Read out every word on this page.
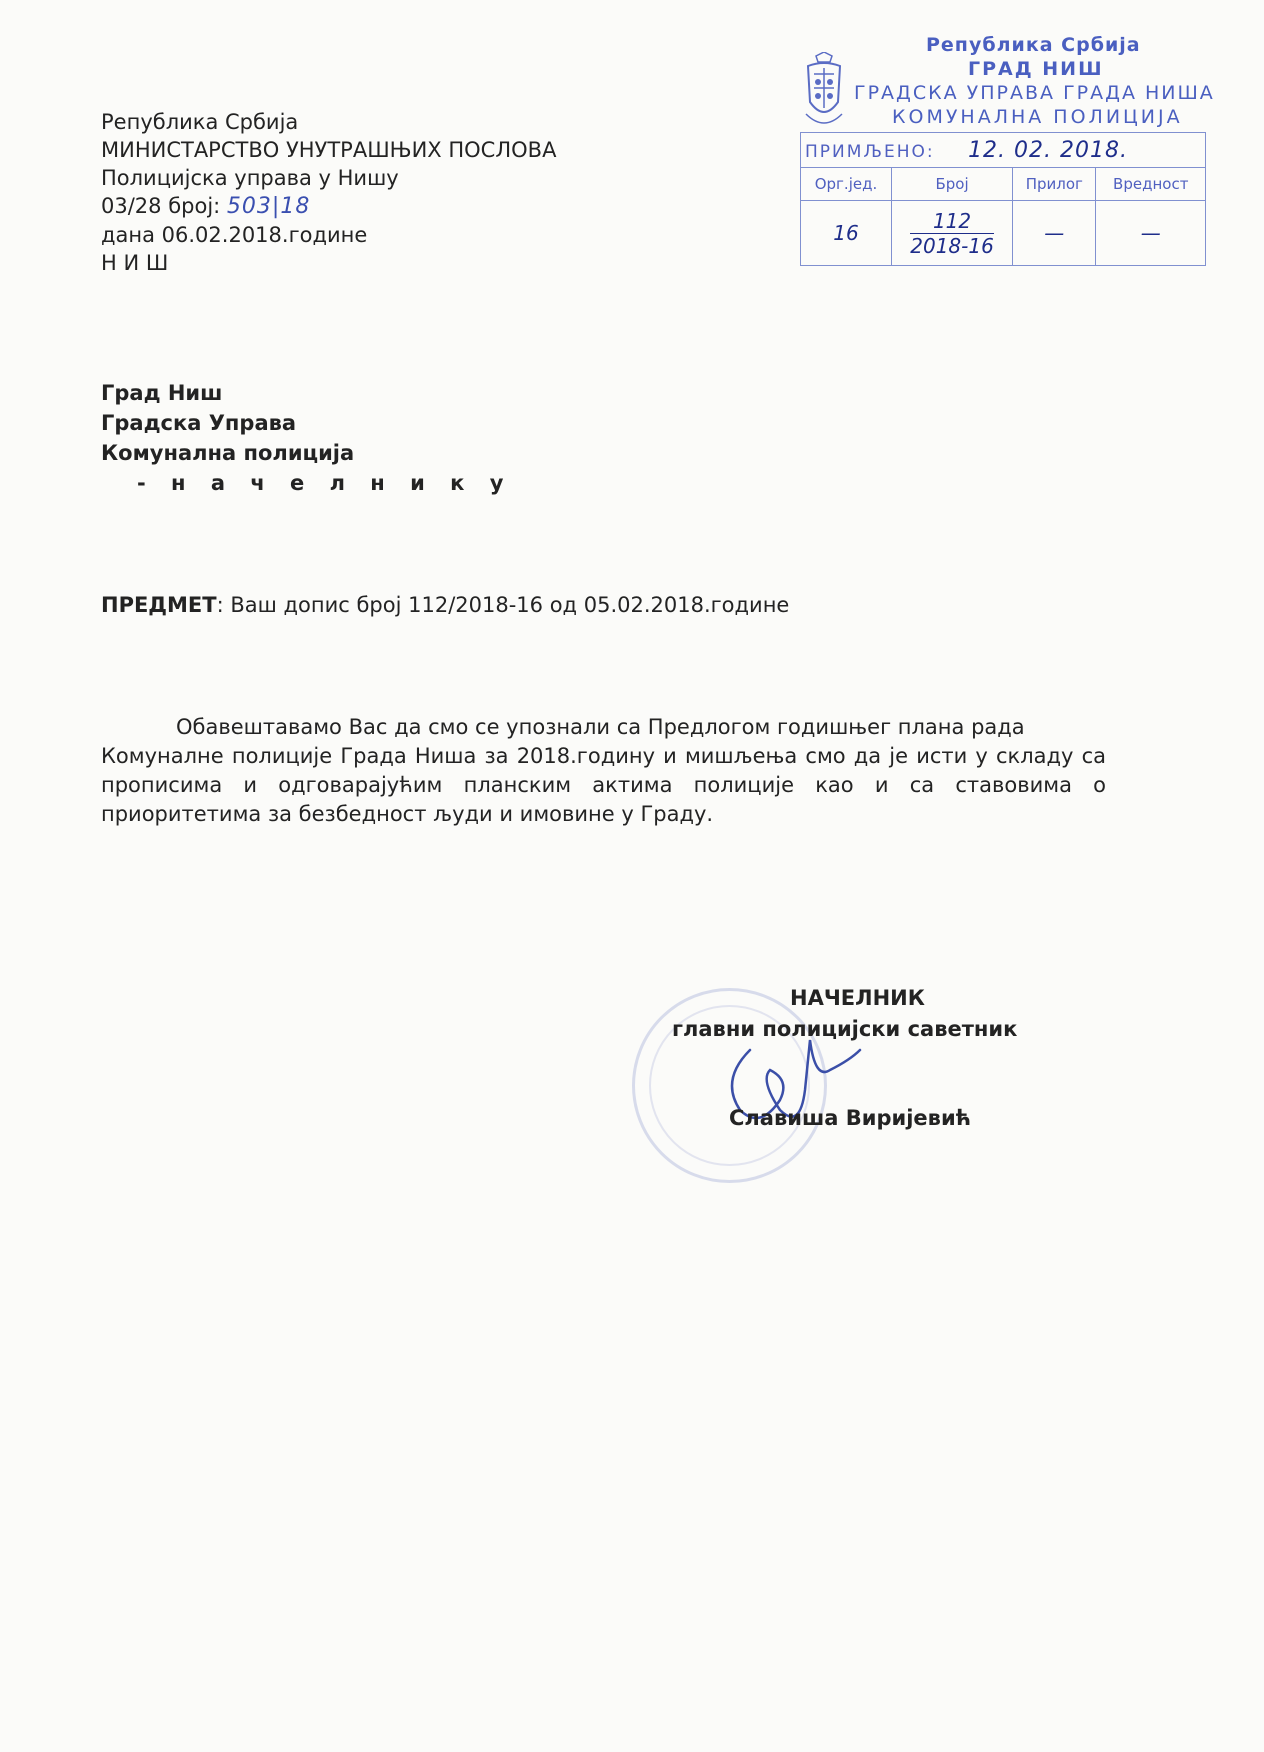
Република Србија
МИНИСТАРСТВО УНУТРАШЊИХ ПОСЛОВА
Полицијска управа у Нишу
03/28 број: 503|18
дана 06.02.2018.године
Н И Ш
Република Србија
ГРАД НИШ
ГРАДСКА УПРАВА ГРАДА НИША
КОМУНАЛНА ПОЛИЦИЈА
ПРИМЉЕНО: 12. 02. 2018.			
Орг.јед.	Број	Прилог	Вредност
16	$\frac{112}{2018-16}$	—	—
Град Ниш
Градска Управа
Комунална полиција
- н а ч е л н и к у
ПРЕДМЕТ: Ваш допис број 112/2018-16 од 05.02.2018.године
Обавештавамо Вас да смо се упознали са Предлогом годишњег плана рада
Комуналне полиције Града Ниша за 2018.годину и мишљења смо да је исти у складу са прописима и одговарајућим планским актима полиције као и са ставовима о приоритетима за безбедност људи и имовине у Граду.
НАЧЕЛНИК
главни полицијски саветник
Славиша Виријевић
